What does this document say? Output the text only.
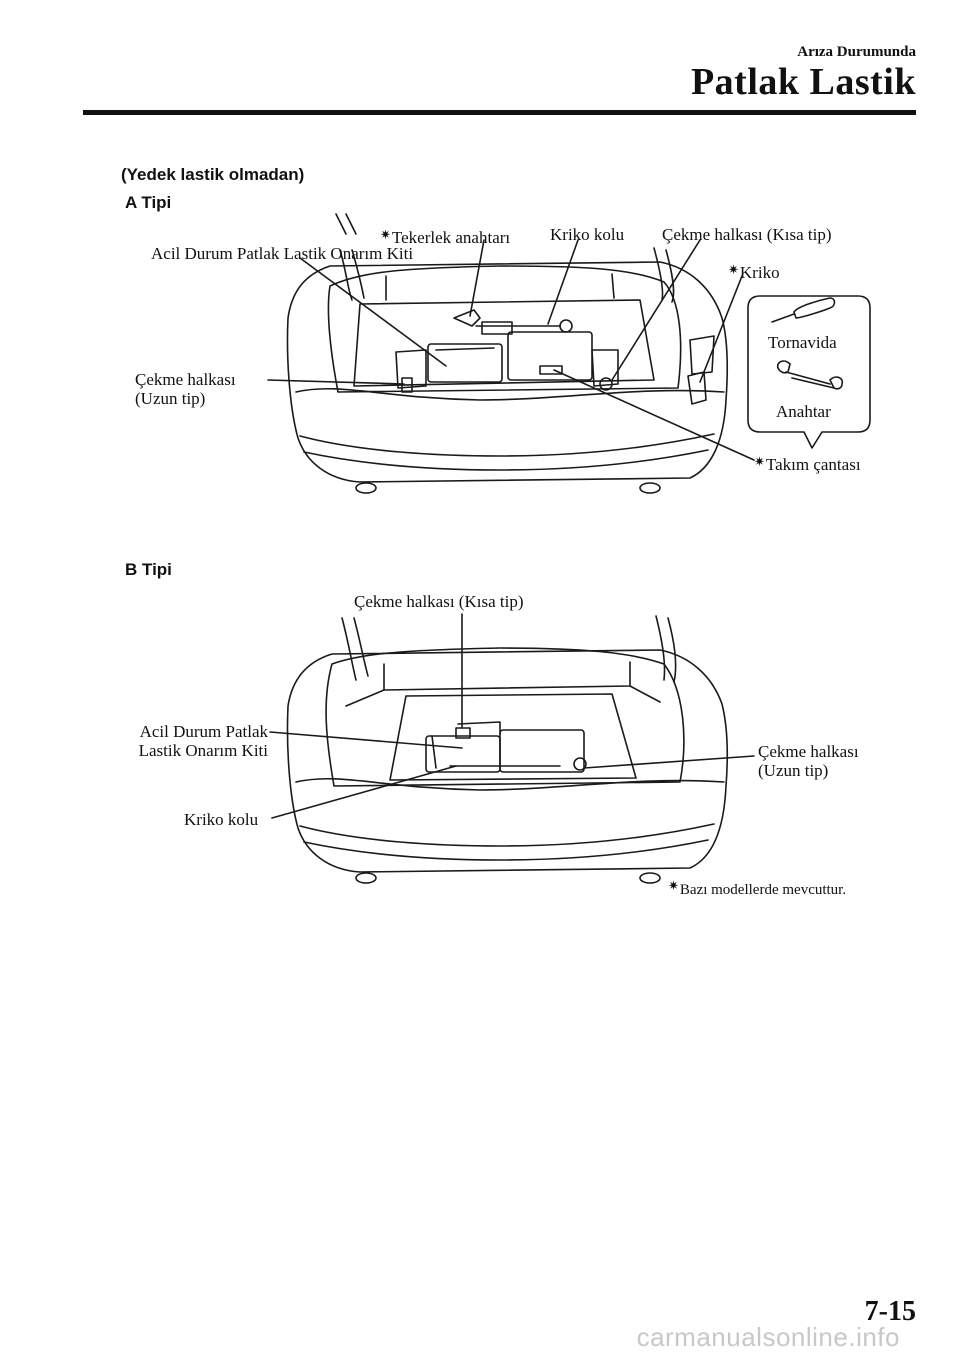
Arıza Durumunda
Patlak Lastik
(Yedek lastik olmadan)
A Tipi
Acil Durum Patlak Lastik Onarım Kiti
✷Tekerlek anahtarı Kriko kolu Çekme halkası (Kısa tip)
✷Kriko
Tornavida
Anahtar
Çekme halkası
(Uzun tip)
✷Takım çantası
B Tipi
Çekme halkası (Kısa tip)
Acil Durum Patlak
Lastik Onarım Kiti	Çekme halkası
(Uzun tip)
Kriko kolu
✷Bazı modellerde mevcuttur.
7-15
carmanualsonline.info
